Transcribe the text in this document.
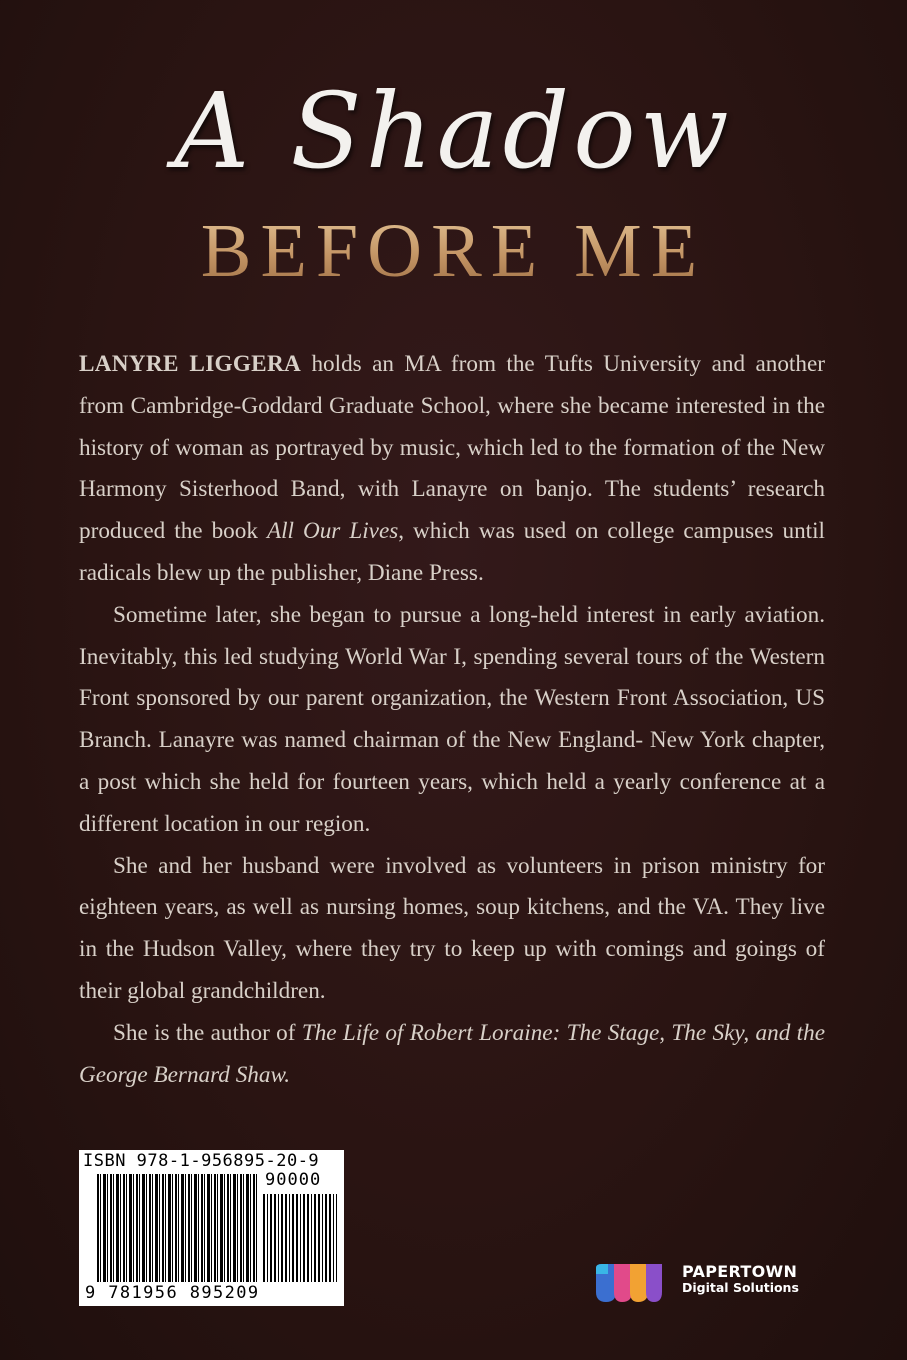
A Shadow
BEFORE ME

LANYRE LIGGERA holds an MA from the Tufts University and another from Cambridge-Goddard Graduate School, where she became interested in the history of woman as portrayed by music, which led to the formation of the New Harmony Sisterhood Band, with Lanayre on banjo. The students’ research produced the book All Our Lives, which was used on college campuses until radicals blew up the publisher, Diane Press.

Sometime later, she began to pursue a long-held interest in early aviation. Inevitably, this led studying World War I, spending several tours of the Western Front sponsored by our parent organization, the Western Front Association, US Branch. Lanayre was named chairman of the New England- New York chapter, a post which she held for fourteen years, which held a yearly conference at a different location in our region.

She and her husband were involved as volunteers in prison ministry for eighteen years, as well as nursing homes, soup kitchens, and the VA. They live in the Hudson Valley, where they try to keep up with comings and goings of their global grandchildren.

She is the author of The Life of Robert Loraine: The Stage, The Sky, and the George Bernard Shaw.

ISBN 978-1-956895-20-9
90000
9 781956 895209
PAPERTOWN
Digital Solutions
